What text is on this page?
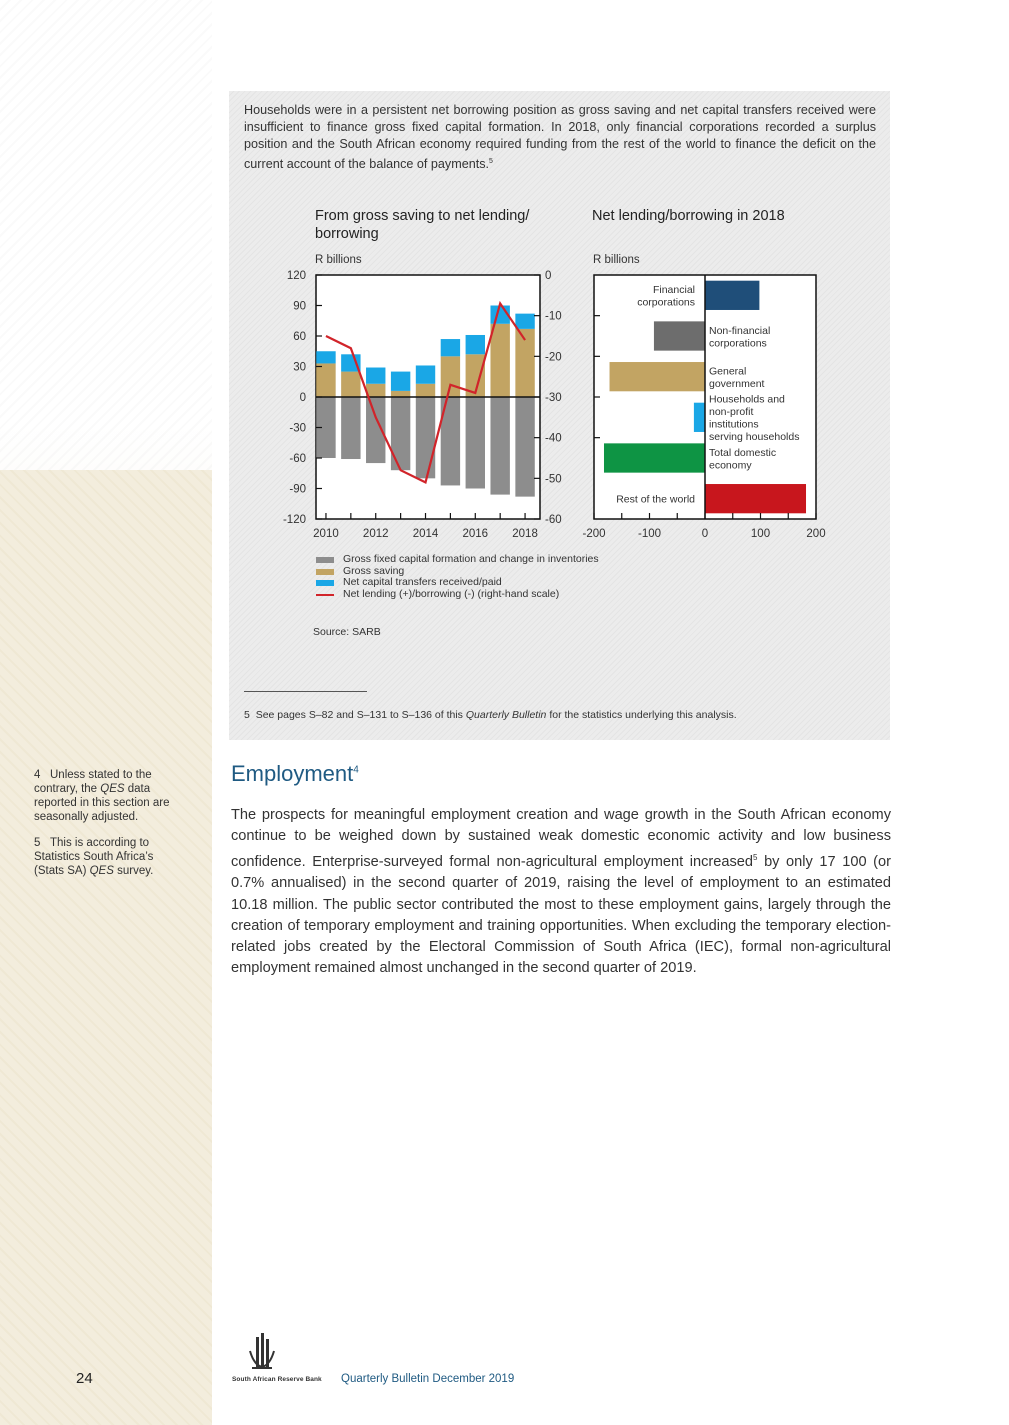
Households were in a persistent net borrowing position as gross saving and net capital transfers received were insufficient to finance gross fixed capital formation. In 2018, only financial corporations recorded a surplus position and the South African economy required funding from the rest of the world to finance the deficit on the current account of the balance of payments.$^5$

From gross saving to net lending/ borrowing
Net lending/borrowing in 2018
R billions	R billions
120
90
60
30
0
-30
-60
-90
-120
0
-10
-20
-30
-40
-50
-60
2010 2012 2014 2016 2018
Financial corporations
Non-financial corporations
General government
Households and non-profit institutions serving households
Total domestic economy
Rest of the world
-200	-100	0	100	200
Gross fixed capital formation and change in inventories
Gross saving
Net capital transfers received/paid
Net lending (+)/borrowing (-) (right-hand scale)
Source: SARB
5 See pages S–82 and S–131 to S–136 of this Quarterly Bulletin for the statistics underlying this analysis.

4 Unless stated to the contrary, the QES data reported in this section are seasonally adjusted.

5 This is according to Statistics South Africa’s (Stats SA) QES survey.

Employment$^4$

The prospects for meaningful employment creation and wage growth in the South African economy continue to be weighed down by sustained weak domestic economic activity and low business confidence. Enterprise-surveyed formal non-agricultural employment increased$^5$ by only 17 100 (or 0.7% annualised) in the second quarter of 2019, raising the level of employment to an estimated 10.18 million. The public sector contributed the most to these employment gains, largely through the creation of temporary employment and training opportunities. When excluding the temporary election-related jobs created by the Electoral Commission of South Africa (IEC), formal non-agricultural employment remained almost unchanged in the second quarter of 2019.

24	South African Reserve Bank Quarterly Bulletin December 2019
